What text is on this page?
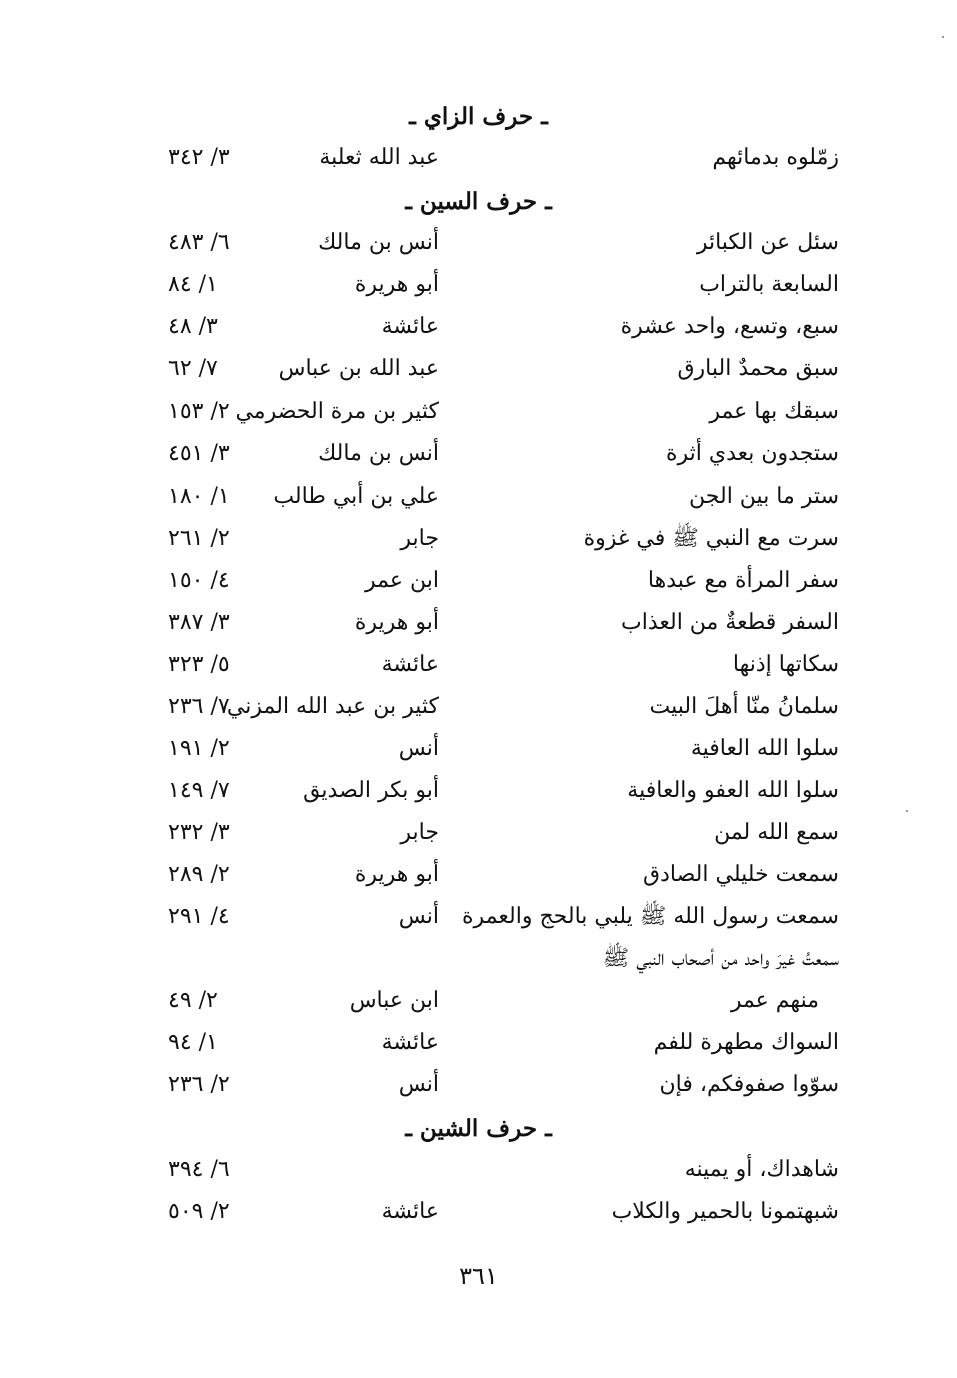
ـ حرف الزاي ـ
زمّلوه بدمائهم
عبد الله ثعلبة
٣/ ٣٤٢
ـ حرف السين ـ
سئل عن الكبائر
أنس بن مالك
٦/ ٤٨٣
السابعة بالتراب
أبو هريرة
١/ ٨٤
سبع، وتسع، واحد عشرة
عائشة
٣/ ٤٨
سبق محمدٌ البارق
عبد الله بن عباس
٧/ ٦٢
سبقك بها عمر
كثير بن مرة الحضرمي
٢/ ١٥٣
ستجدون بعدي أثرة
أنس بن مالك
٣/ ٤٥١
ستر ما بين الجن
علي بن أبي طالب
١/ ١٨٠
سرت مع النبي ﷺ في غزوة
جابر
٢/ ٢٦١
سفر المرأة مع عبدها
ابن عمر
٤/ ١٥٠
السفر قطعةٌ من العذاب
أبو هريرة
٣/ ٣٨٧
سكاتها إذنها
عائشة
٥/ ٣٢٣
سلمانُ منّا أهلَ البيت
كثير بن عبد الله المزني
٧/ ٢٣٦
سلوا الله العافية
أنس
٢/ ١٩١
سلوا الله العفو والعافية
أبو بكر الصديق
٧/ ١٤٩
سمع الله لمن
جابر
٣/ ٢٣٢
سمعت خليلي الصادق
أبو هريرة
٢/ ٢٨٩
سمعت رسول الله ﷺ يلبي بالحج والعمرة
أنس
٤/ ٢٩١
سمعتُ غيرَ واحد من أصحاب النبي ﷺ
منهم عمر
ابن عباس
٢/ ٤٩
السواك مطهرة للفم
عائشة
١/ ٩٤
سوّوا صفوفكم، فإن
أنس
٢/ ٢٣٦
ـ حرف الشين ـ
شاهداك، أو يمينه
٦/ ٣٩٤
شبهتمونا بالحمير والكلاب
عائشة
٢/ ٥٠٩
٣٦١
